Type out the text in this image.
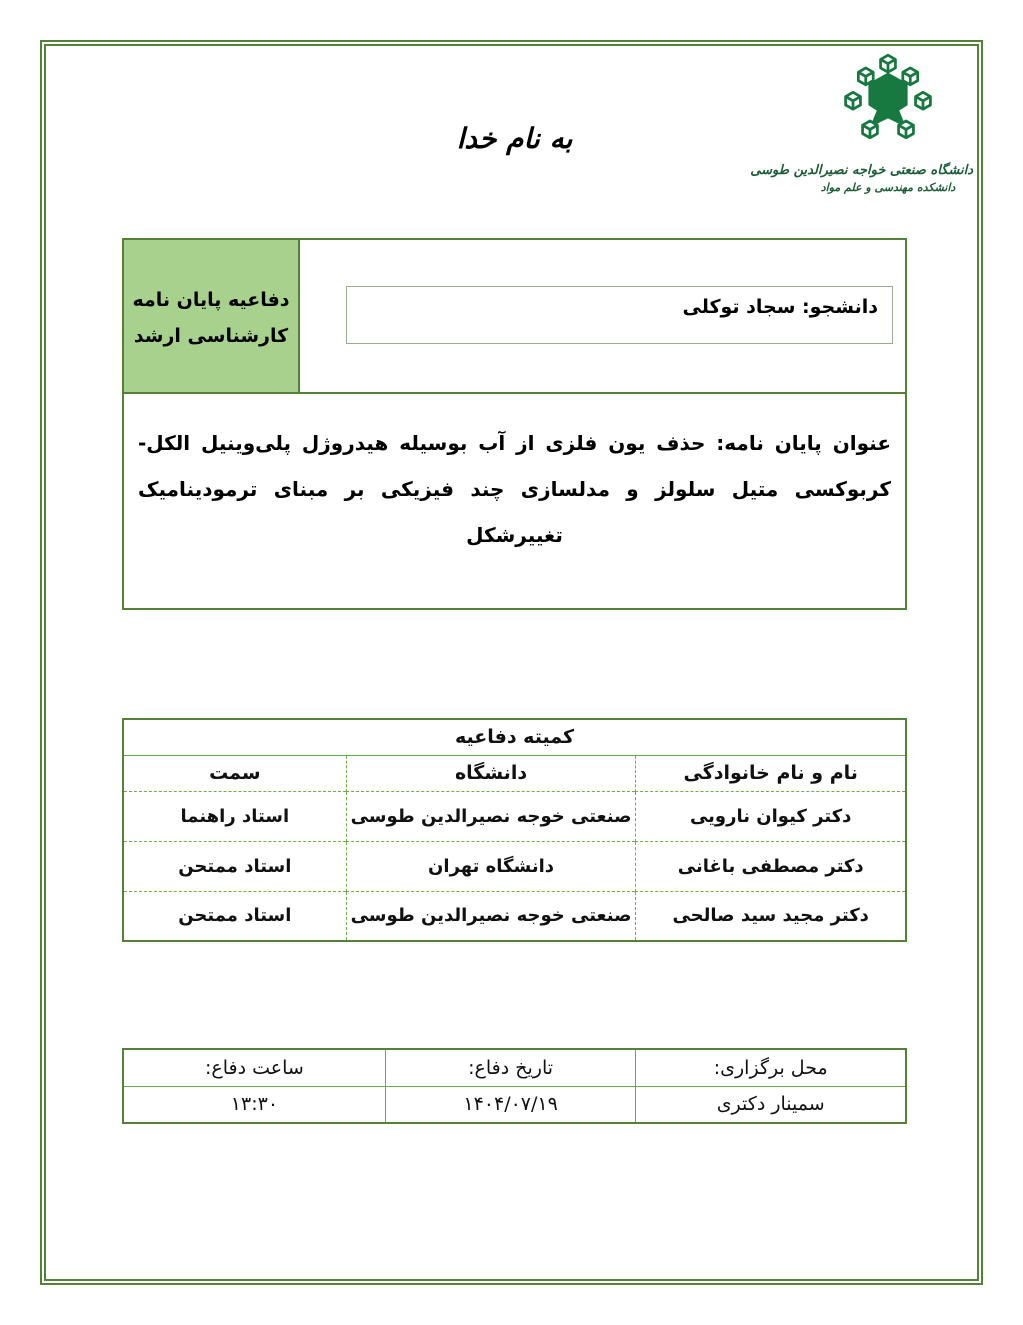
دانشگاه صنعتی خواجه نصیرالدین طوسی
دانشکده مهندسی و علم مواد
به نام خدا
دفاعیه پایان نامه
کارشناسی ارشد
دانشجو: سجاد توکلی

عنوان پایان نامه: حذف یون فلزی از آب بوسیله هیدروژل پلی‌وینیل الکل- کربوکسی متیل سلولز و مدلسازی چند فیزیکی بر مبنای ترمودینامیک تغییرشکل

کمیته دفاعیه		
نام و نام خانوادگی	دانشگاه	سمت
دکتر کیوان نارویی	صنعتی خوجه نصیرالدین طوسی	استاد راهنما
دکتر مصطفی باغانی	دانشگاه تهران	استاد ممتحن
دکتر مجید سید صالحی	صنعتی خوجه نصیرالدین طوسی	استاد ممتحن
محل برگزاری:	تاریخ دفاع:	ساعت دفاع:
سمینار دکتری	۱۴۰۴/۰۷/۱۹	۱۳:۳۰
